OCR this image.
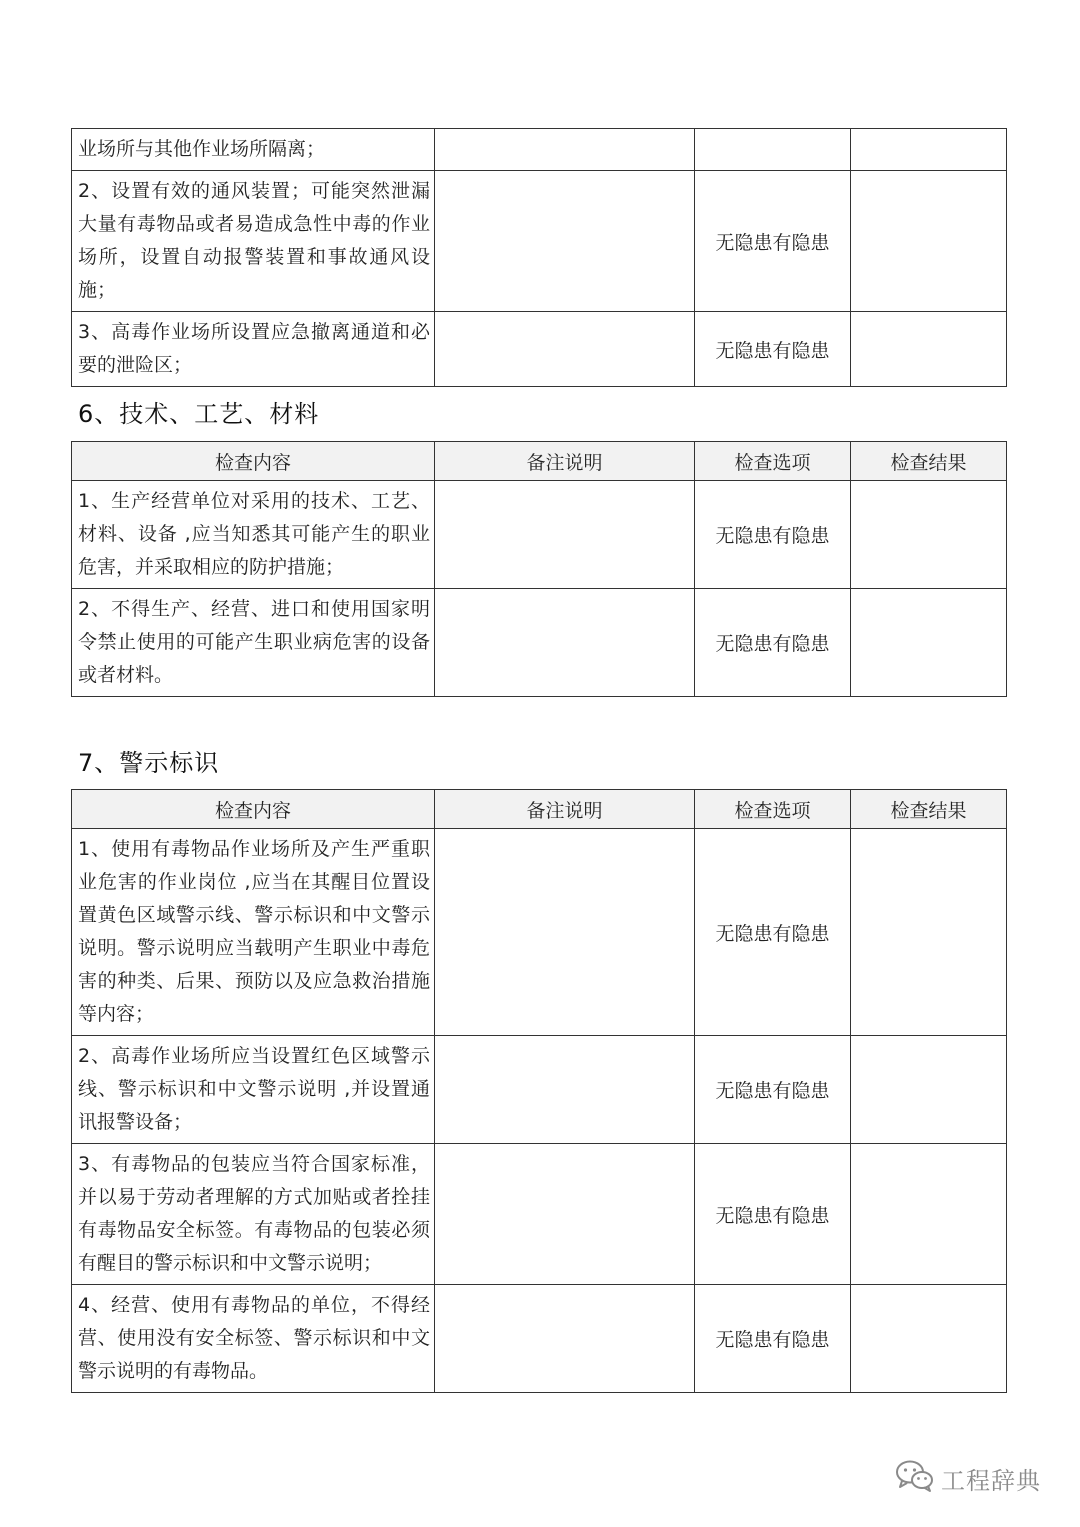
业场所与其他作业场所隔离；			
2、设置有效的通风装置；可能突然泄漏大量有毒物品或者易造成急性中毒的作业场所，设置自动报警装置和事故通风设施；		无隐患有隐患	
3、高毒作业场所设置应急撤离通道和必要的泄险区；		无隐患有隐患	
6、技术、工艺、材料
检查内容	备注说明	检查选项	检查结果
1、生产经营单位对采用的技术、工艺、材料、设备 ,应当知悉其可能产生的职业危害，并采取相应的防护措施；		无隐患有隐患	
2、不得生产、经营、进口和使用国家明令禁止使用的可能产生职业病危害的设备或者材料。		无隐患有隐患	
7、警示标识
检查内容	备注说明	检查选项	检查结果
1、使用有毒物品作业场所及产生严重职业危害的作业岗位 ,应当在其醒目位置设置黄色区域警示线、警示标识和中文警示说明。警示说明应当载明产生职业中毒危害的种类、后果、预防以及应急救治措施等内容；		无隐患有隐患	
2、高毒作业场所应当设置红色区域警示线、警示标识和中文警示说明 ,并设置通讯报警设备；		无隐患有隐患	
3、有毒物品的包装应当符合国家标准，并以易于劳动者理解的方式加贴或者拴挂有毒物品安全标签。有毒物品的包装必须有醒目的警示标识和中文警示说明；		无隐患有隐患	
4、经营、使用有毒物品的单位，不得经营、使用没有安全标签、警示标识和中文警示说明的有毒物品。		无隐患有隐患	
工程辞典
